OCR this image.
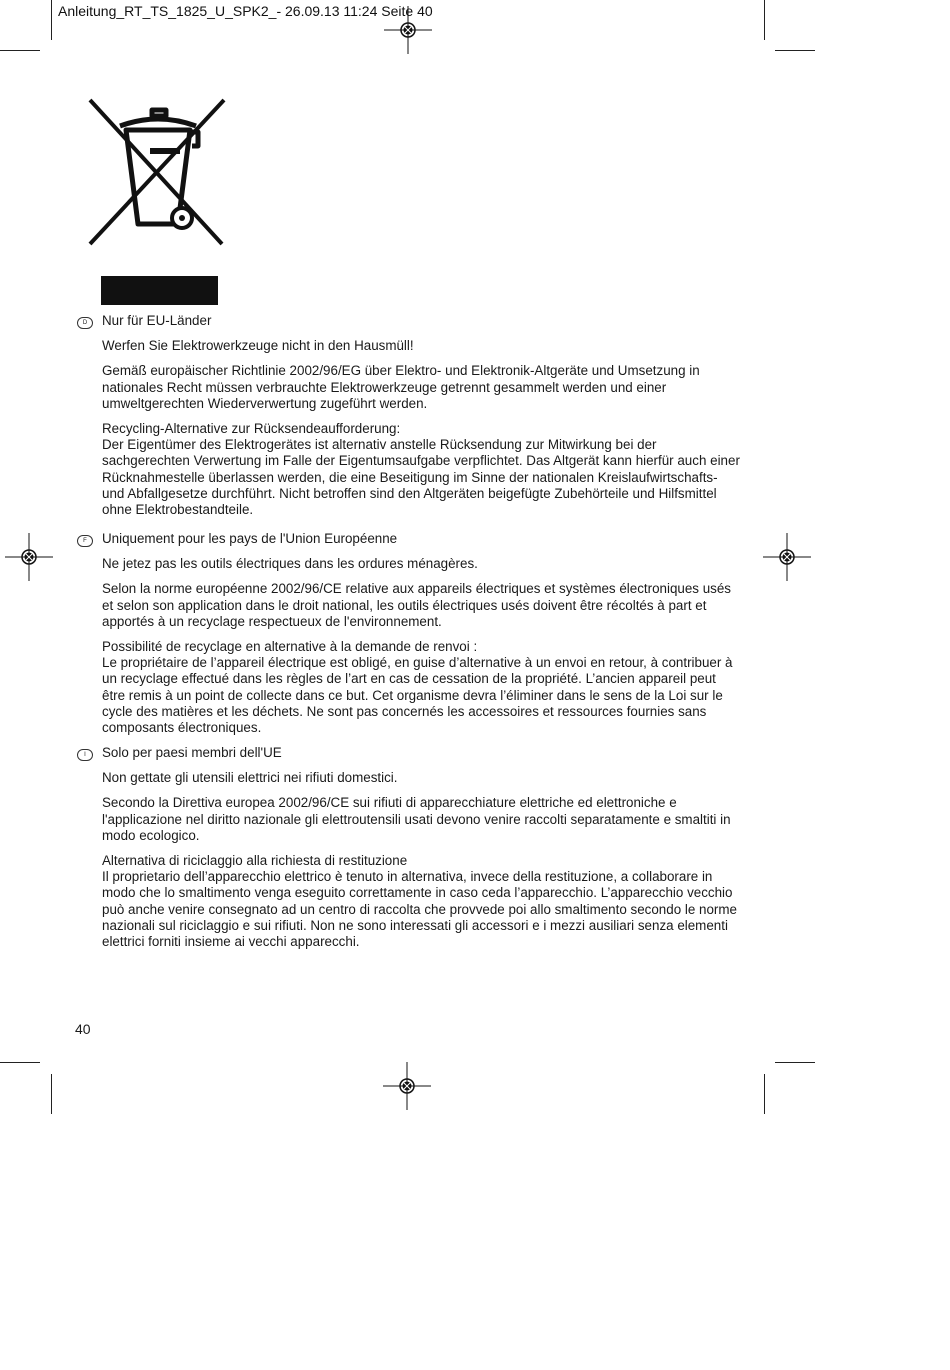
Anleitung_RT_TS_1825_U_SPK2_- 26.09.13 11:24 Seite 40
D	Nur für EU-Länder

Werfen Sie Elektrowerkzeuge nicht in den Hausmüll!

Gemäß europäischer Richtlinie 2002/96/EG über Elektro- und Elektronik-Altgeräte und Umsetzung in nationales Recht müssen verbrauchte Elektrowerkzeuge getrennt gesammelt werden und einer umweltgerechten Wiederverwertung zugeführt werden.

Recycling-Alternative zur Rücksendeaufforderung:

Der Eigentümer des Elektrogerätes ist alternativ anstelle Rücksendung zur Mitwirkung bei der sachgerechten Verwertung im Falle der Eigentumsaufgabe verpflichtet. Das Altgerät kann hierfür auch einer Rücknahmestelle überlassen werden, die eine Beseitigung im Sinne der nationalen Kreislaufwirtschafts- und Abfallgesetze durchführt. Nicht betroffen sind den Altgeräten beigefügte Zubehörteile und Hilfsmittel ohne Elektrobestandteile.

F	Uniquement pour les pays de l'Union Européenne

Ne jetez pas les outils électriques dans les ordures ménagères.

Selon la norme européenne 2002/96/CE relative aux appareils électriques et systèmes électroniques usés et selon son application dans le droit national, les outils électriques usés doivent être récoltés à part et apportés à un recyclage respectueux de l'environnement.

Possibilité de recyclage en alternative à la demande de renvoi :

Le propriétaire de l’appareil électrique est obligé, en guise d’alternative à un envoi en retour, à contribuer à un recyclage effectué dans les règles de l’art en cas de cessation de la propriété. L’ancien appareil peut être remis à un point de collecte dans ce but. Cet organisme devra l’éliminer dans le sens de la Loi sur le cycle des matières et les déchets. Ne sont pas concernés les accessoires et ressources fournies sans composants électroniques.

I	Solo per paesi membri dell'UE

Non gettate gli utensili elettrici nei rifiuti domestici.

Secondo la Direttiva europea 2002/96/CE sui rifiuti di apparecchiature elettriche ed elettroniche e l'applicazione nel diritto nazionale gli elettroutensili usati devono venire raccolti separatamente e smaltiti in modo ecologico.

Alternativa di riciclaggio alla richiesta di restituzione

Il proprietario dell’apparecchio elettrico è tenuto in alternativa, invece della restituzione, a collaborare in modo che lo smaltimento venga eseguito correttamente in caso ceda l’apparecchio. L’apparecchio vecchio può anche venire consegnato ad un centro di raccolta che provvede poi allo smaltimento secondo le norme nazionali sul riciclaggio e sui rifiuti. Non ne sono interessati gli accessori e i mezzi ausiliari senza elementi elettrici forniti insieme ai vecchi apparecchi.

40
